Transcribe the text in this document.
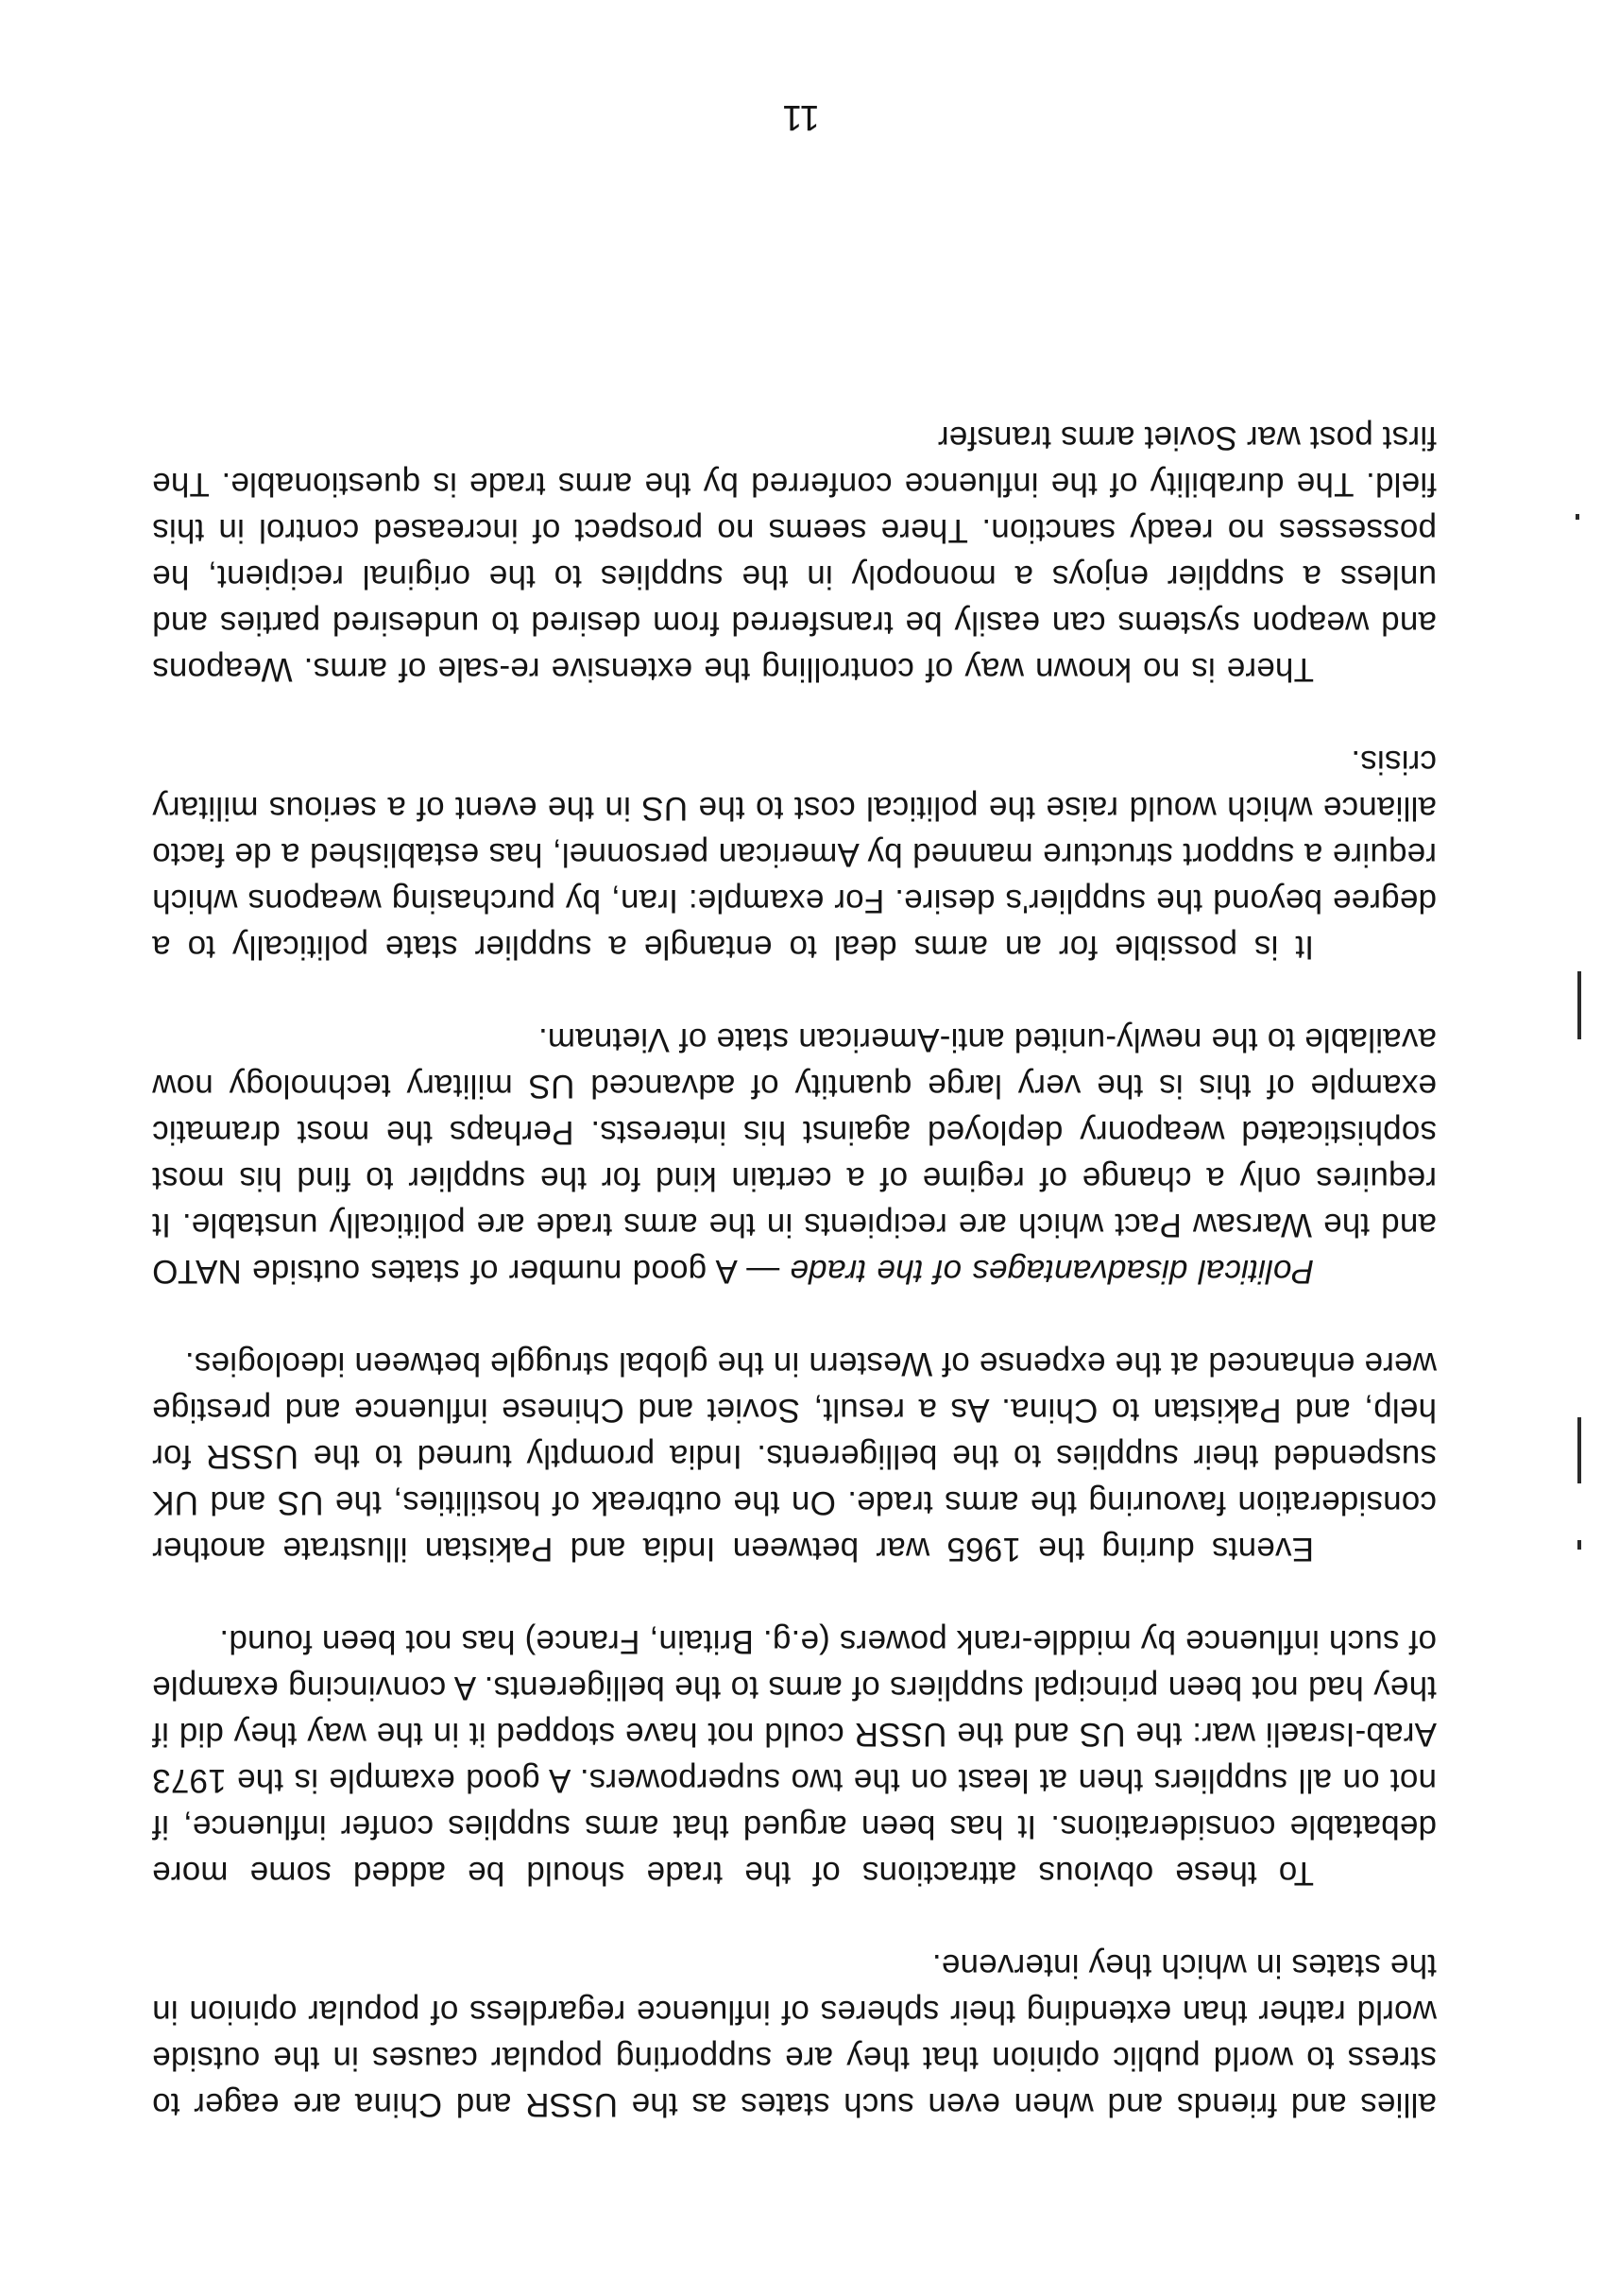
allies and friends and when even such states as the USSR and China are eager to stress to world public opinion that they are supporting popular causes in the outside world rather than extending their spheres of influence regardless of popular opinion in the states in which they intervene.

To these obvious attractions of the trade should be added some more debatable considerations. It has been argued that arms supplies confer influence, if not on all suppliers then at least on the two superpowers. A good example is the 1973 Arab-Israeli war: the US and the USSR could not have stopped it in the way they did if they had not been principal suppliers of arms to the belligerents. A convincing example of such influence by middle-rank powers (e.g. Britain, France) has not been found.

Events during the 1965 war between India and Pakistan illustrate another consideration favouring the arms trade. On the outbreak of hostilities, the US and UK suspended their supplies to the belligerents. India promptly turned to the USSR for help, and Pakistan to China. As a result, Soviet and Chinese influence and prestige were enhanced at the expense of Western in the global struggle between ideologies.

Political disadvantages of the trade — A good number of states outside NATO and the Warsaw Pact which are recipients in the arms trade are politically unstable. It requires only a change of regime of a certain kind for the supplier to find his most sophisticated weaponry deployed against his interests. Perhaps the most dramatic example of this is the very large quantity of advanced US military technology now available to the newly-united anti-American state of Vietnam.

It is possible for an arms deal to entangle a supplier state politically to a degree beyond the supplier's desire. For example: Iran, by purchasing weapons which require a support structure manned by American personnel, has established a de facto alliance which would raise the political cost to the US in the event of a serious military crisis.

There is no known way of controlling the extensive re-sale of arms. Weapons and weapon systems can easily be transferred from desired to undesired parties and unless a supplier enjoys a monopoly in the supplies to the original recipient, he possesses no ready sanction. There seems no prospect of increased control in this field. The durability of the influence conferred by the arms trade is questionable. The first post war Soviet arms transfer

11
